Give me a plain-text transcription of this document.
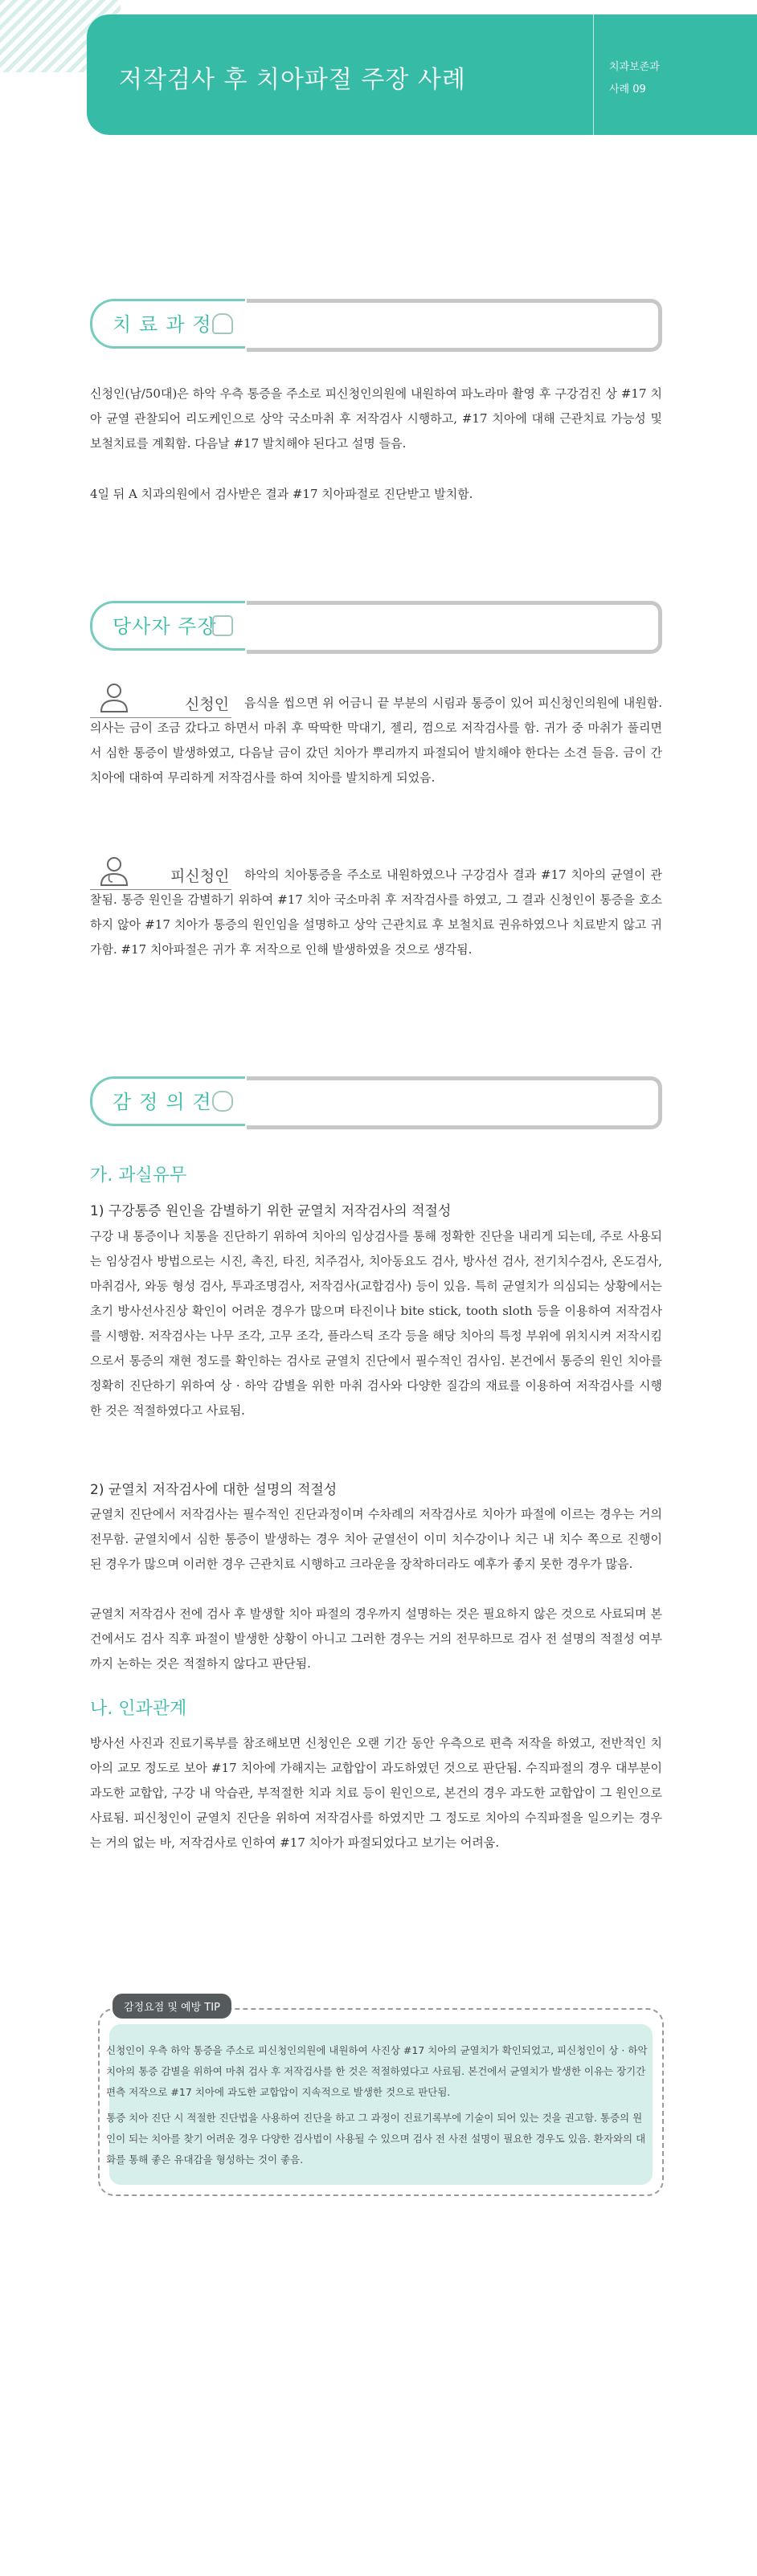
저작검사 후 치아파절 주장 사례	치과보존과
사례 09
치료과정
신청인(남/50대)은 하악 우측 통증을 주소로 피신청인의원에 내원하여 파노라마 촬영 후 구강검진 상 #17 치아 균열 관찰되어 리도케인으로 상악 국소마취 후 저작검사 시행하고, #17 치아에 대해 근관치료 가능성 및 보철치료를 계획함. 다음날 #17 발치해야 된다고 설명 들음.
4일 뒤 A 치과의원에서 검사받은 결과 #17 치아파절로 진단받고 발치함.
당사자 주장
신청인	음식을 씹으면 위 어금니 끝 부분의 시림과 통증이 있어 피신청인의원에 내원함. 의사는 금이 조금 갔다고 하면서 마취 후 딱딱한 막대기, 젤리, 껌으로 저작검사를 함. 귀가 중 마취가 풀리면서 심한 통증이 발생하였고, 다음날 금이 갔던 치아가 뿌리까지 파절되어 발치해야 한다는 소견 들음. 금이 간 치아에 대하여 무리하게 저작검사를 하여 치아를 발치하게 되었음.
피신청인	하악의 치아통증을 주소로 내원하였으나 구강검사 결과 #17 치아의 균열이 관찰됨. 통증 원인을 감별하기 위하여 #17 치아 국소마취 후 저작검사를 하였고, 그 결과 신청인이 통증을 호소하지 않아 #17 치아가 통증의 원인임을 설명하고 상악 근관치료 후 보철치료 권유하였으나 치료받지 않고 귀가함. #17 치아파절은 귀가 후 저작으로 인해 발생하였을 것으로 생각됨.
감정의견
가. 과실유무
1) 구강통증 원인을 감별하기 위한 균열치 저작검사의 적절성
구강 내 통증이나 치통을 진단하기 위하여 치아의 임상검사를 통해 정확한 진단을 내리게 되는데, 주로 사용되는 임상검사 방법으로는 시진, 촉진, 타진, 치주검사, 치아동요도 검사, 방사선 검사, 전기치수검사, 온도검사, 마취검사, 와동 형성 검사, 투과조명검사, 저작검사(교합검사) 등이 있음. 특히 균열치가 의심되는 상황에서는 초기 방사선사진상 확인이 어려운 경우가 많으며 타진이나 bite stick, tooth sloth 등을 이용하여 저작검사를 시행함. 저작검사는 나무 조각, 고무 조각, 플라스틱 조각 등을 해당 치아의 특정 부위에 위치시켜 저작시킴으로서 통증의 재현 정도를 확인하는 검사로 균열치 진단에서 필수적인 검사임. 본건에서 통증의 원인 치아를 정확히 진단하기 위하여 상 · 하악 감별을 위한 마취 검사와 다양한 질감의 재료를 이용하여 저작검사를 시행한 것은 적절하였다고 사료됨.
2) 균열치 저작검사에 대한 설명의 적절성
균열치 진단에서 저작검사는 필수적인 진단과정이며 수차례의 저작검사로 치아가 파절에 이르는 경우는 거의 전무함. 균열치에서 심한 통증이 발생하는 경우 치아 균열선이 이미 치수강이나 치근 내 치수 쪽으로 진행이 된 경우가 많으며 이러한 경우 근관치료 시행하고 크라운을 장착하더라도 예후가 좋지 못한 경우가 많음.
균열치 저작검사 전에 검사 후 발생할 치아 파절의 경우까지 설명하는 것은 필요하지 않은 것으로 사료되며 본건에서도 검사 직후 파절이 발생한 상황이 아니고 그러한 경우는 거의 전무하므로 검사 전 설명의 적절성 여부까지 논하는 것은 적절하지 않다고 판단됨.
나. 인과관계
방사선 사진과 진료기록부를 참조해보면 신청인은 오랜 기간 동안 우측으로 편측 저작을 하였고, 전반적인 치아의 교모 정도로 보아 #17 치아에 가해지는 교합압이 과도하였던 것으로 판단됨. 수직파절의 경우 대부분이 과도한 교합압, 구강 내 악습관, 부적절한 치과 치료 등이 원인으로, 본건의 경우 과도한 교합압이 그 원인으로 사료됨. 피신청인이 균열치 진단을 위하여 저작검사를 하였지만 그 정도로 치아의 수직파절을 일으키는 경우는 거의 없는 바, 저작검사로 인하여 #17 치아가 파절되었다고 보기는 어려움.
감정요점 및 예방 TIP
신청인이 우측 하악 통증을 주소로 피신청인의원에 내원하여 사진상 #17 치아의 균열치가 확인되었고, 피신청인이 상 · 하악 치아의 통증 감별을 위하여 마취 검사 후 저작검사를 한 것은 적절하였다고 사료됨. 본건에서 균열치가 발생한 이유는 장기간 편측 저작으로 #17 치아에 과도한 교합압이 지속적으로 발생한 것으로 판단됨.
통증 치아 진단 시 적절한 진단법을 사용하여 진단을 하고 그 과정이 진료기록부에 기술이 되어 있는 것을 권고함. 통증의 원인이 되는 치아를 찾기 어려운 경우 다양한 검사법이 사용될 수 있으며 검사 전 사전 설명이 필요한 경우도 있음. 환자와의 대화를 통해 좋은 유대감을 형성하는 것이 좋음.
